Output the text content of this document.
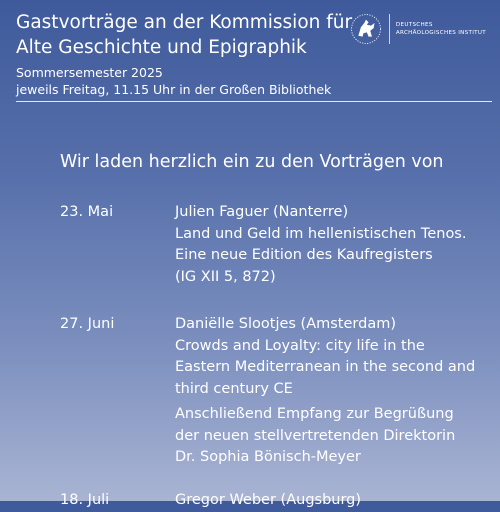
Gastvorträge an der Kommission für
Alte Geschichte und Epigraphik
Sommersemester 2025
jeweils Freitag, 11.15 Uhr in der Großen Bibliothek
DEUTSCHES
ARCHÄOLOGISCHES INSTITUT
Wir laden herzlich ein zu den Vorträgen von
23. Mai	Julien Faguer (Nanterre)
Land und Geld im hellenistischen Tenos.
Eine neue Edition des Kaufregisters
(IG XII 5, 872)
27. Juni	Daniëlle Slootjes (Amsterdam)
Crowds and Loyalty: city life in the
Eastern Mediterranean in the second and
third century CE
Anschließend Empfang zur Begrüßung
der neuen stellvertretenden Direktorin
Dr. Sophia Bönisch-Meyer
18. Juli	Gregor Weber (Augsburg)
